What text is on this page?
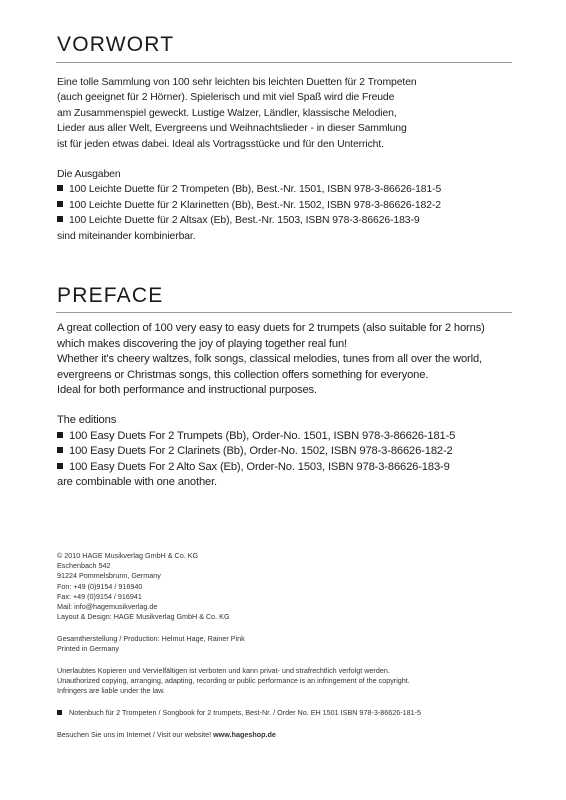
VORWORT
Eine tolle Sammlung von 100 sehr leichten bis leichten Duetten für 2 Trompeten
(auch geeignet für 2 Hörner). Spielerisch und mit viel Spaß wird die Freude
am Zusammenspiel geweckt. Lustige Walzer, Ländler, klassische Melodien,
Lieder aus aller Welt, Evergreens und Weihnachtslieder - in dieser Sammlung
ist für jeden etwas dabei. Ideal als Vortragsstücke und für den Unterricht.
Die Ausgaben
100 Leichte Duette für 2 Trompeten (Bb), Best.-Nr. 1501, ISBN 978-3-86626-181-5
100 Leichte Duette für 2 Klarinetten (Bb), Best.-Nr. 1502, ISBN 978-3-86626-182-2
100 Leichte Duette für 2 Altsax (Eb), Best.-Nr. 1503, ISBN 978-3-86626-183-9
sind miteinander kombinierbar.
PREFACE
A great collection of 100 very easy to easy duets for 2 trumpets (also suitable for 2 horns)
which makes discovering the joy of playing together real fun!
Whether it's cheery waltzes, folk songs, classical melodies, tunes from all over the world,
evergreens or Christmas songs, this collection offers something for everyone.
Ideal for both performance and instructional purposes.
The editions
100 Easy Duets For 2 Trumpets (Bb), Order-No. 1501, ISBN 978-3-86626-181-5
100 Easy Duets For 2 Clarinets (Bb), Order-No. 1502, ISBN 978-3-86626-182-2
100 Easy Duets For 2 Alto Sax (Eb), Order-No. 1503, ISBN 978-3-86626-183-9
are combinable with one another.
© 2010 HAGE Musikverlag GmbH & Co. KG
Eschenbach 542
91224 Pommelsbrunn, Germany
Fon: +49 (0)9154 / 916940
Fax: +49 (0)9154 / 916941
Mail: info@hagemusikverlag.de
Layout & Design: HAGE Musikverlag GmbH & Co. KG
Gesamtherstellung / Production: Helmut Hage, Rainer Pink
Printed in Germany
Unerlaubtes Kopieren und Vervielfältigen ist verboten und kann privat- und strafrechtlich verfolgt werden.
Unauthorized copying, arranging, adapting, recording or public performance is an infringement of the copyright.
Infringers are liable under the law.
Notenbuch für 2 Trompeten / Songbook for 2 trumpets, Best-Nr. / Order No. EH 1501 ISBN 978-3-86626-181-5
Besuchen Sie uns im Internet / Visit our website! www.hageshop.de
